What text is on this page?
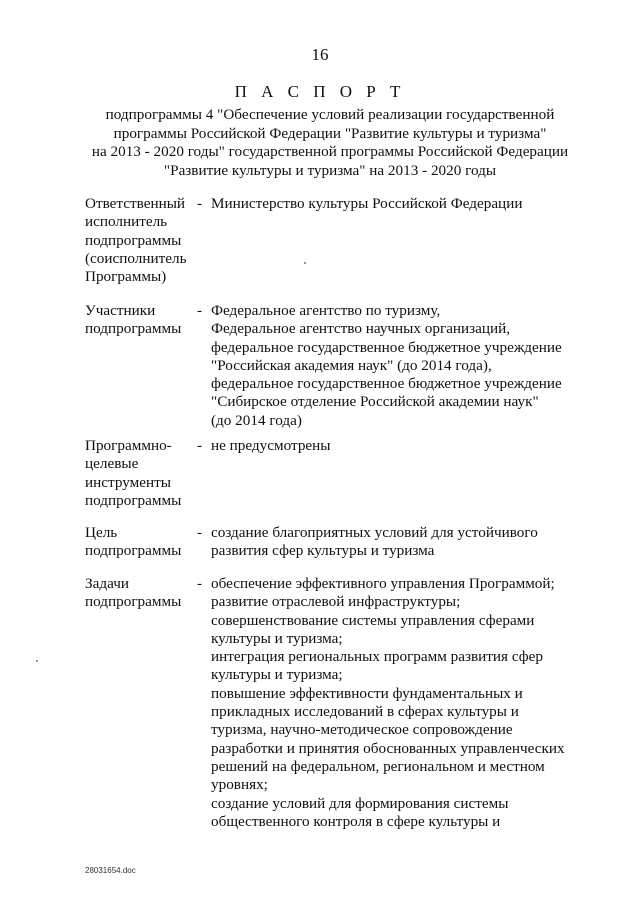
16
П А С П О Р Т
подпрограммы 4 "Обеспечение условий реализации государственной
программы Российской Федерации "Развитие культуры и туризма"
на 2013 - 2020 годы" государственной программы Российской Федерации
"Развитие культуры и туризма" на 2013 - 2020 годы
Ответственный
исполнитель
подпрограммы
(соисполнитель
Программы)
- Министерство культуры Российской Федерации
Участники
подпрограммы
- Федеральное агентство по туризму,
Федеральное агентство научных организаций,
федеральное государственное бюджетное учреждение
"Российская академия наук" (до 2014 года),
федеральное государственное бюджетное учреждение
"Сибирское отделение Российской академии наук"
(до 2014 года)
Программно-
целевые
инструменты
подпрограммы
- не предусмотрены
Цель
подпрограммы
- создание благоприятных условий для устойчивого
развития сфер культуры и туризма
Задачи
подпрограммы
- обеспечение эффективного управления Программой;
развитие отраслевой инфраструктуры;
совершенствование системы управления сферами
культуры и туризма;
интеграция региональных программ развития сфер
культуры и туризма;
повышение эффективности фундаментальных и
прикладных исследований в сферах культуры и
туризма, научно-методическое сопровождение
разработки и принятия обоснованных управленческих
решений на федеральном, региональном и местном
уровнях;
создание условий для формирования системы
общественного контроля в сфере культуры и
28031654.doc
